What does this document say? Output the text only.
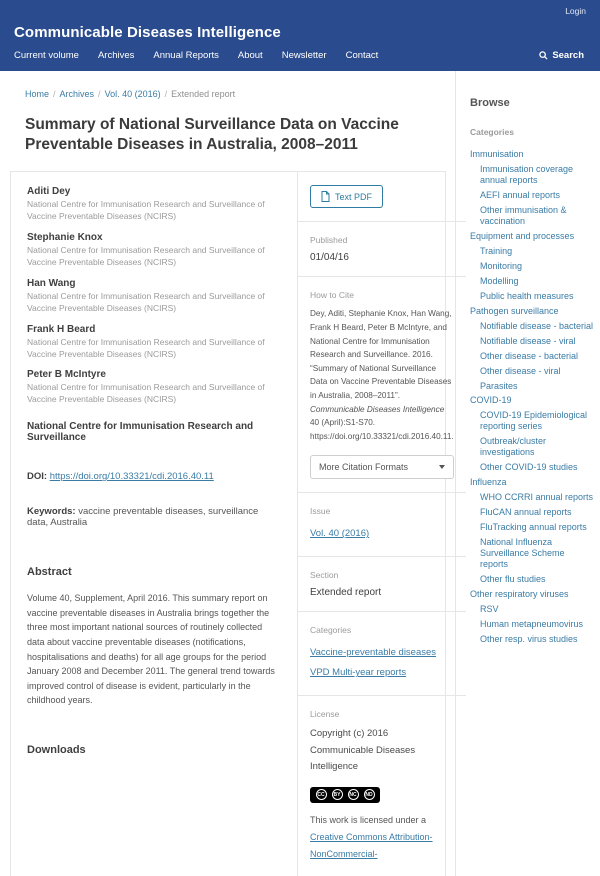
Login
Communicable Diseases Intelligence
Current volume Archives Annual Reports About Newsletter Contact	Search
Home / Archives / Vol. 40 (2016) / Extended report
Summary of National Surveillance Data on Vaccine Preventable Diseases in Australia, 2008–2011
Aditi Dey
National Centre for Immunisation Research and Surveillance of Vaccine Preventable Diseases (NCIRS)
Stephanie Knox
National Centre for Immunisation Research and Surveillance of Vaccine Preventable Diseases (NCIRS)
Han Wang
National Centre for Immunisation Research and Surveillance of Vaccine Preventable Diseases (NCIRS)
Frank H Beard
National Centre for Immunisation Research and Surveillance of Vaccine Preventable Diseases (NCIRS)
Peter B McIntyre
National Centre for Immunisation Research and Surveillance of Vaccine Preventable Diseases (NCIRS)
National Centre for Immunisation Research and Surveillance
DOI: https://doi.org/10.33321/cdi.2016.40.11
Keywords: vaccine preventable diseases, surveillance data, Australia
Abstract
Volume 40, Supplement, April 2016. This summary report on vaccine preventable diseases in Australia brings together the three most important national sources of routinely collected data about vaccine preventable diseases (notifications, hospitalisations and deaths) for all age groups for the period January 2008 and December 2011. The general trend towards improved control of disease is evident, particularly in the childhood years.
Downloads
Text PDF
Published
01/04/16
How to Cite
Dey, Aditi, Stephanie Knox, Han Wang, Frank H Beard, Peter B McIntyre, and National Centre for Immunisation Research and Surveillance. 2016. “Summary of National Surveillance Data on Vaccine Preventable Diseases in Australia, 2008–2011”. Communicable Diseases Intelligence 40 (April):S1-S70. https://doi.org/10.33321/cdi.2016.40.11.
More Citation Formats
Issue
Vol. 40 (2016)
Section
Extended report
Categories
Vaccine-preventable diseases VPD Multi-year reports
License
Copyright (c) 2016 Communicable Diseases Intelligence
CC	BY	NC	ND
This work is licensed under a Creative Commons Attribution-NonCommercial-
Browse
Categories
Immunisation
Immunisation coverage annual reports
AEFI annual reports
Other immunisation & vaccination
Equipment and processes
Training
Monitoring
Modelling
Public health measures
Pathogen surveillance
Notifiable disease - bacterial
Notifiable disease - viral
Other disease - bacterial
Other disease - viral
Parasites
COVID-19
COVID-19 Epidemiological reporting series
Outbreak/cluster investigations
Other COVID-19 studies
Influenza
WHO CCRRI annual reports
FluCAN annual reports
FluTracking annual reports
National Influenza Surveillance Scheme reports
Other flu studies
Other respiratory viruses
RSV
Human metapneumovirus
Other resp. virus studies
